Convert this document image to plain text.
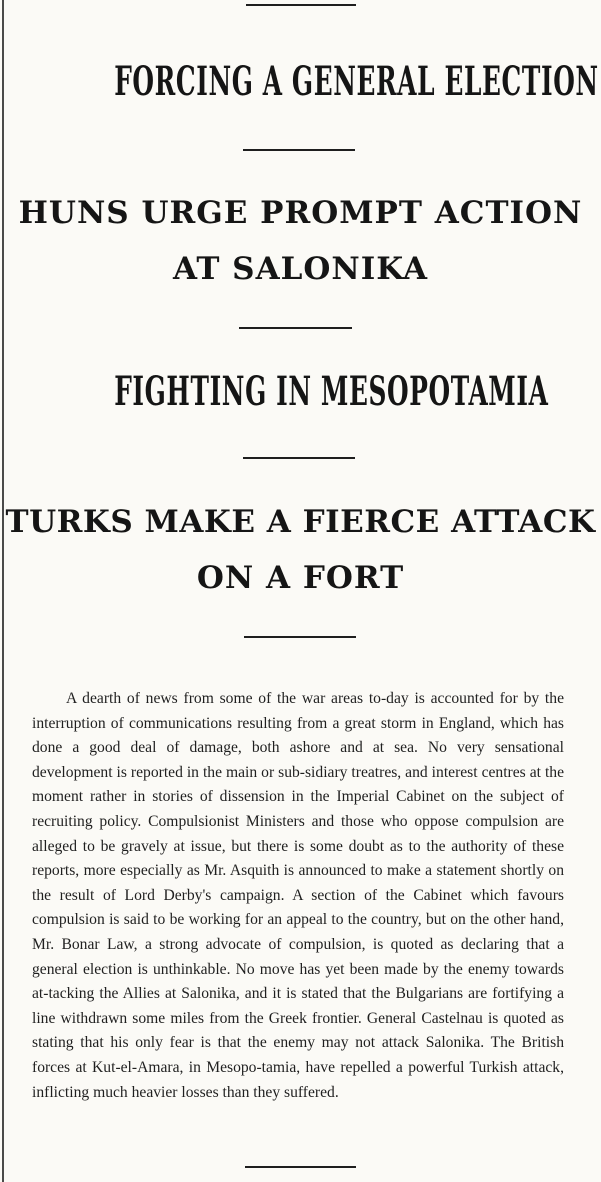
FORCING A GENERAL ELECTION
HUNS URGE PROMPT ACTION
AT SALONIKA
FIGHTING IN MESOPOTAMIA
TURKS MAKE A FIERCE ATTACK
ON A FORT

A dearth of news from some of the war areas to-day is accounted for by the interruption of communications resulting from a great storm in England, which has done a good deal of damage, both ashore and at sea. No very sensational development is reported in the main or sub-sidiary treatres, and interest centres at the moment rather in stories of dissension in the Imperial Cabinet on the subject of recruiting policy. Compulsionist Ministers and those who oppose compulsion are alleged to be gravely at issue, but there is some doubt as to the authority of these reports, more especially as Mr. Asquith is announced to make a statement shortly on the result of Lord Derby's campaign. A section of the Cabinet which favours compulsion is said to be working for an appeal to the country, but on the other hand, Mr. Bonar Law, a strong advocate of compulsion, is quoted as declaring that a general election is unthinkable. No move has yet been made by the enemy towards at-tacking the Allies at Salonika, and it is stated that the Bulgarians are fortifying a line withdrawn some miles from the Greek frontier. General Castelnau is quoted as stating that his only fear is that the enemy may not attack Salonika. The British forces at Kut-el-Amara, in Mesopo-tamia, have repelled a powerful Turkish attack, inflicting much heavier losses than they suffered.
